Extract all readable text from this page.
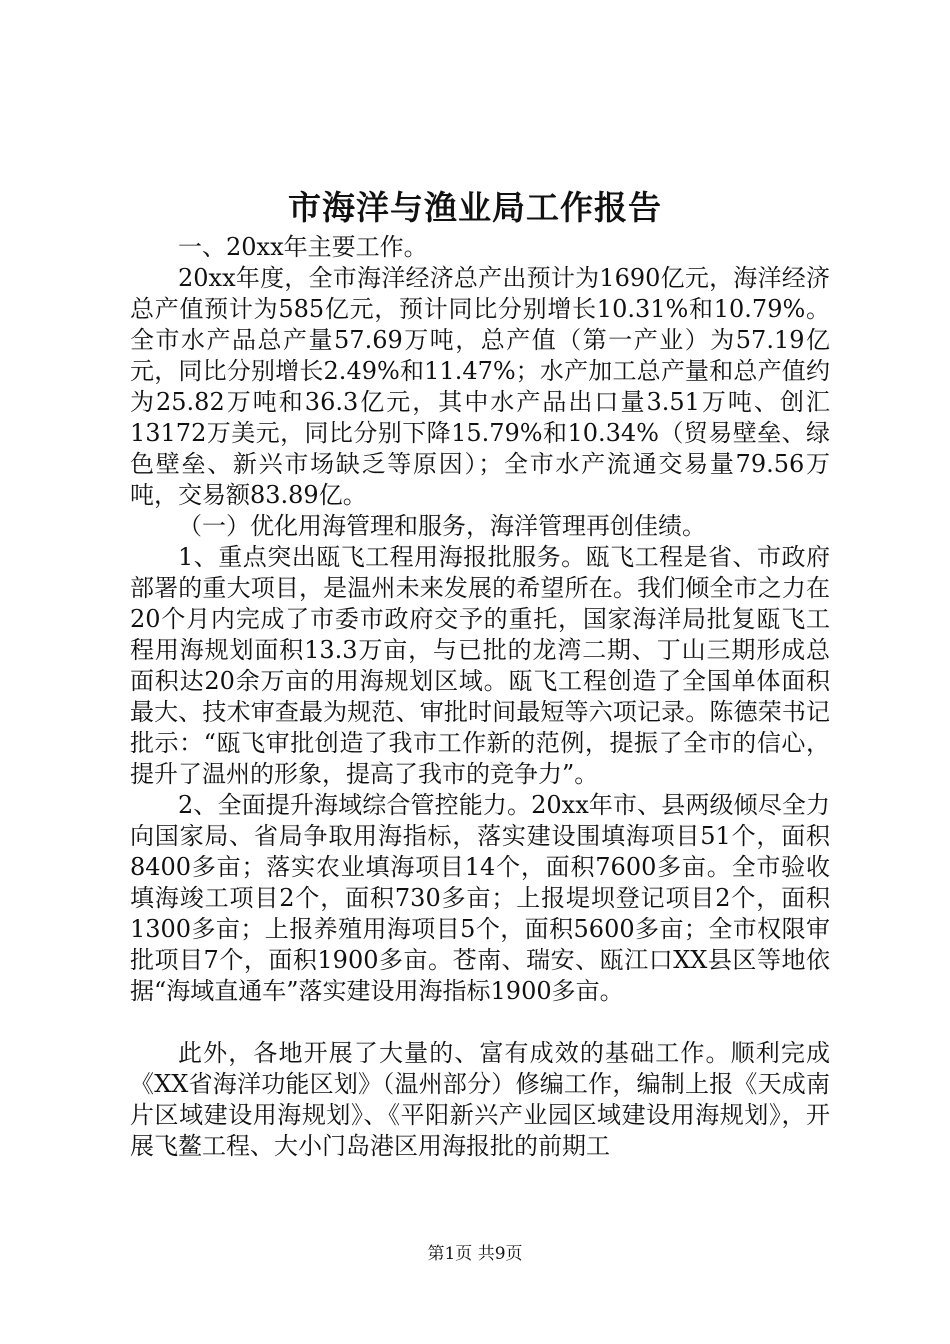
市海洋与渔业局工作报告

一、20xx年主要工作。

20xx年度，全市海洋经济总产出预计为1690亿元，海洋经济总产值预计为585亿元，预计同比分别增长10.31%和10.79%。全市水产品总产量57.69万吨，总产值（第一产业）为57.19亿元，同比分别增长2.49%和11.47%；水产加工总产量和总产值约为25.82万吨和36.3亿元，其中水产品出口量3.51万吨、创汇13172万美元，同比分别下降15.79%和10.34%（贸易壁垒、绿色壁垒、新兴市场缺乏等原因）；全市水产流通交易量79.56万吨，交易额83.89亿。

（一）优化用海管理和服务，海洋管理再创佳绩。

1、重点突出瓯飞工程用海报批服务。瓯飞工程是省、市政府部署的重大项目，是温州未来发展的希望所在。我们倾全市之力在20个月内完成了市委市政府交予的重托，国家海洋局批复瓯飞工程用海规划面积13.3万亩，与已批的龙湾二期、丁山三期形成总面积达20余万亩的用海规划区域。瓯飞工程创造了全国单体面积最大、技术审查最为规范、审批时间最短等六项记录。陈德荣书记批示：“瓯飞审批创造了我市工作新的范例，提振了全市的信心，提升了温州的形象，提高了我市的竞争力”。

2、全面提升海域综合管控能力。20xx年市、县两级倾尽全力向国家局、省局争取用海指标，落实建设围填海项目51个，面积8400多亩；落实农业填海项目14个，面积7600多亩。全市验收填海竣工项目2个，面积730多亩；上报堤坝登记项目2个，面积1300多亩；上报养殖用海项目5个，面积5600多亩；全市权限审批项目7个，面积1900多亩。苍南、瑞安、瓯江口XX县区等地依据“海域直通车”落实建设用海指标1900多亩。

此外，各地开展了大量的、富有成效的基础工作。顺利完成《XX省海洋功能区划》（温州部分）修编工作，编制上报《天成南片区域建设用海规划》、《平阳新兴产业园区域建设用海规划》，开展飞鳌工程、大小门岛港区用海报批的前期工

第1页 共9页
